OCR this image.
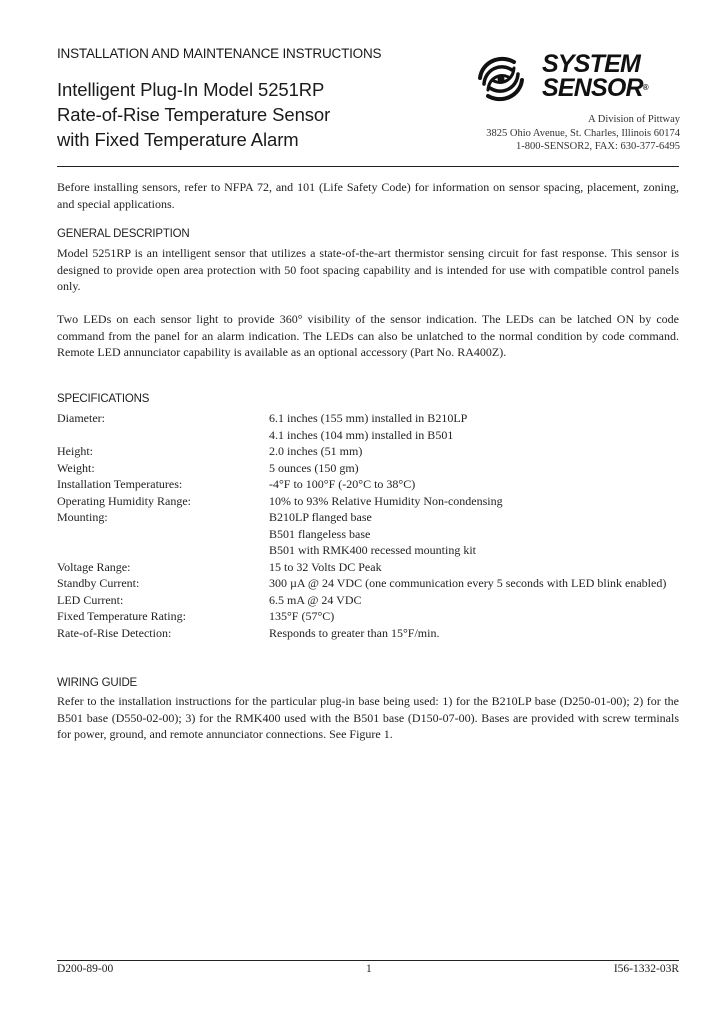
INSTALLATION AND MAINTENANCE INSTRUCTIONS
Intelligent Plug-In Model 5251RP
Rate-of-Rise Temperature Sensor
with Fixed Temperature Alarm
SYSTEM
SENSOR®
A Division of Pittway
3825 Ohio Avenue, St. Charles, Illinois 60174
1-800-SENSOR2, FAX: 630-377-6495
Before installing sensors, refer to NFPA 72, and 101 (Life Safety Code) for information on sensor spacing, placement, zoning, and special applications.
GENERAL DESCRIPTION
Model 5251RP is an intelligent sensor that utilizes a state-of-the-art thermistor sensing circuit for fast response. This sensor is designed to provide open area protection with 50 foot spacing capability and is intended for use with compatible control panels only.
Two LEDs on each sensor light to provide 360° visibility of the sensor indication. The LEDs can be latched ON by code command from the panel for an alarm indication. The LEDs can also be unlatched to the normal condition by code command. Remote LED annunciator capability is available as an optional accessory (Part No. RA400Z).
SPECIFICATIONS
Diameter:	6.1 inches (155 mm) installed in B210LP
4.1 inches (104 mm) installed in B501
Height:	2.0 inches (51 mm)
Weight:	5 ounces (150 gm)
Installation Temperatures:	-4°F to 100°F (-20°C to 38°C)
Operating Humidity Range:	10% to 93% Relative Humidity Non-condensing
Mounting:	B210LP flanged base
B501 flangeless base
B501 with RMK400 recessed mounting kit
Voltage Range:	15 to 32 Volts DC Peak
Standby Current:	300 µA @ 24 VDC (one communication every 5 seconds with LED blink enabled)
LED Current:	6.5 mA @ 24 VDC
Fixed Temperature Rating:	135°F (57°C)
Rate-of-Rise Detection:	Responds to greater than 15°F/min.
WIRING GUIDE
Refer to the installation instructions for the particular plug-in base being used: 1) for the B210LP base (D250-01-00); 2) for the B501 base (D550-02-00); 3) for the RMK400 used with the B501 base (D150-07-00). Bases are provided with screw terminals for power, ground, and remote annunciator connections. See Figure 1.
D200-89-00	1	I56-1332-03R
